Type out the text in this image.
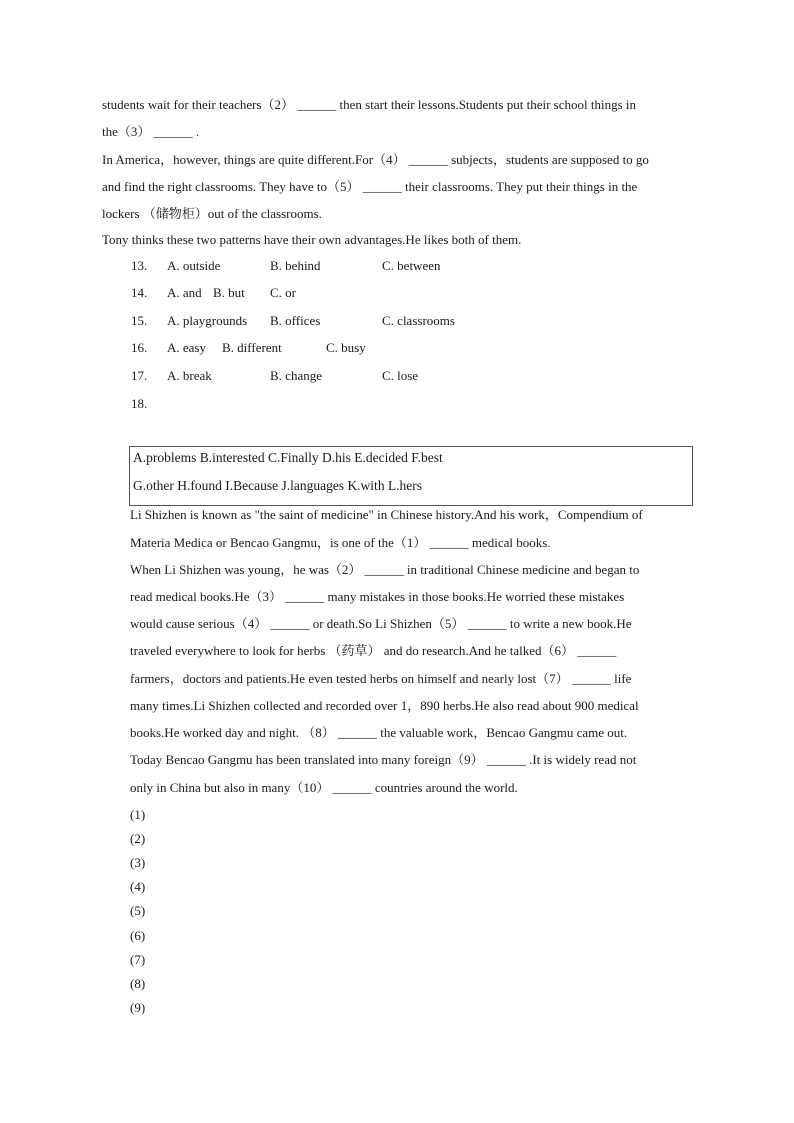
students wait for their teachers（2） ______ then start their lessons.Students put their school things in
the（3） ______ .
In America，however, things are quite different.For（4） ______ subjects，students are supposed to go
and find the right classrooms. They have to（5） ______ their classrooms. They put their things in the
lockers （储物柜）out of the classrooms.
Tony thinks these two patterns have their own advantages.He likes both of them.
13. A. outside	B. behind	C. between
14. A. and B. but C. or
15. A. playgrounds B. offices	C. classrooms
16. A. easy B. different	C. busy
17. A. break	B. change	C. lose
18.
A.problems B.interested C.Finally D.his E.decided F.best
G.other H.found I.Because J.languages K.with L.hers
Li Shizhen is known as "the saint of medicine" in Chinese history.And his work，Compendium of
Materia Medica or Bencao Gangmu，is one of the（1） ______ medical books.
When Li Shizhen was young，he was（2） ______ in traditional Chinese medicine and began to
read medical books.He（3） ______ many mistakes in those books.He worried these mistakes
would cause serious（4） ______ or death.So Li Shizhen（5） ______ to write a new book.He
traveled everywhere to look for herbs （药草） and do research.And he talked（6） ______
farmers，doctors and patients.He even tested herbs on himself and nearly lost（7） ______ life
many times.Li Shizhen collected and recorded over 1，890 herbs.He also read about 900 medical
books.He worked day and night. （8） ______ the valuable work，Bencao Gangmu came out.
Today Bencao Gangmu has been translated into many foreign（9） ______ .It is widely read not
only in China but also in many（10） ______ countries around the world.
(1)
(2)
(3)
(4)
(5)
(6)
(7)
(8)
(9)
